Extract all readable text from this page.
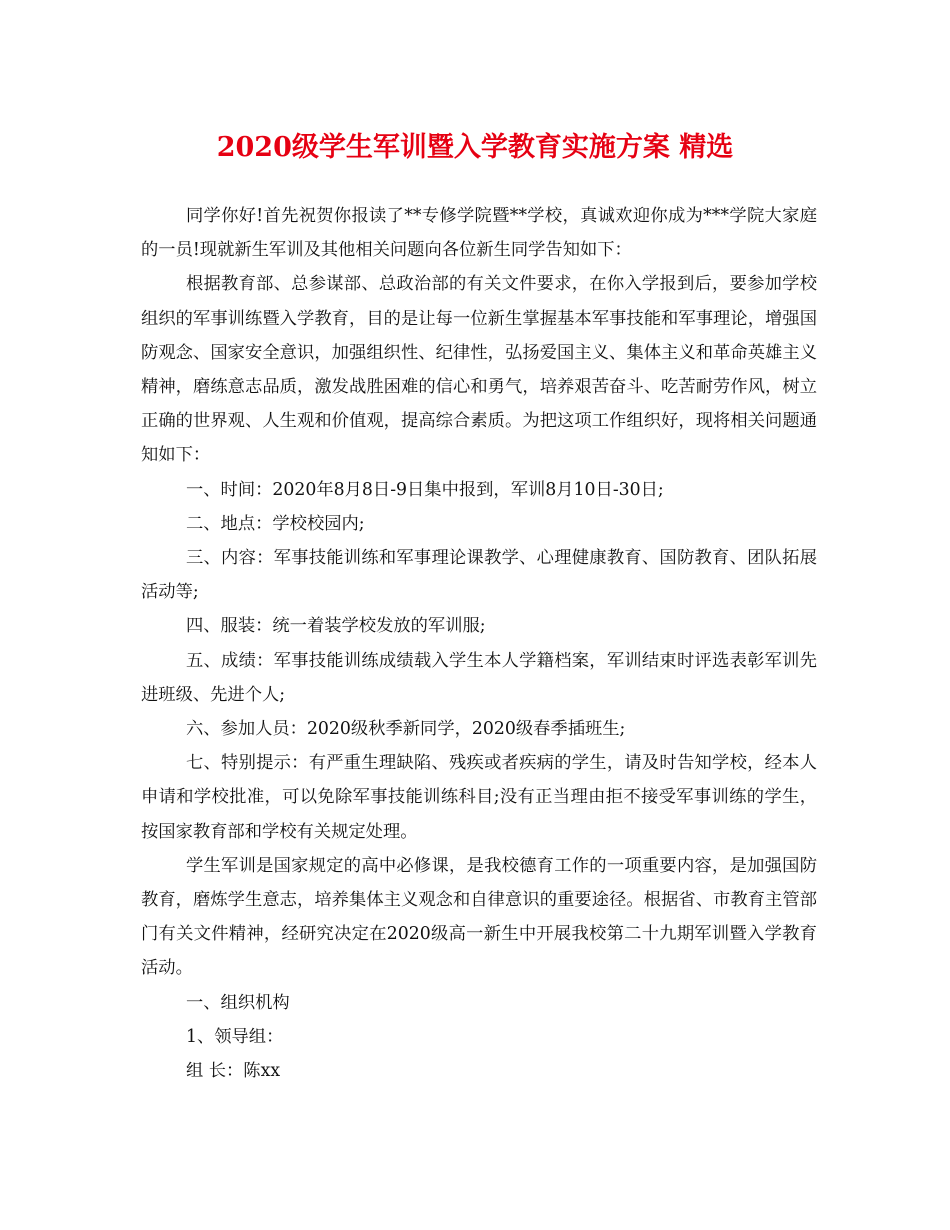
2020级学生军训暨入学教育实施方案 精选

同学你好!首先祝贺你报读了**专修学院暨**学校，真诚欢迎你成为***学院大家庭的一员!现就新生军训及其他相关问题向各位新生同学告知如下：

根据教育部、总参谋部、总政治部的有关文件要求，在你入学报到后，要参加学校组织的军事训练暨入学教育，目的是让每一位新生掌握基本军事技能和军事理论，增强国防观念、国家安全意识，加强组织性、纪律性，弘扬爱国主义、集体主义和革命英雄主义精神，磨练意志品质，激发战胜困难的信心和勇气，培养艰苦奋斗、吃苦耐劳作风，树立正确的世界观、人生观和价值观，提高综合素质。为把这项工作组织好，现将相关问题通知如下：

一、时间：2020年8月8日-9日集中报到，军训8月10日-30日;

二、地点：学校校园内;

三、内容：军事技能训练和军事理论课教学、心理健康教育、国防教育、团队拓展活动等;

四、服装：统一着装学校发放的军训服;

五、成绩：军事技能训练成绩载入学生本人学籍档案，军训结束时评选表彰军训先进班级、先进个人;

六、参加人员：2020级秋季新同学，2020级春季插班生;

七、特别提示：有严重生理缺陷、残疾或者疾病的学生，请及时告知学校，经本人申请和学校批准，可以免除军事技能训练科目;没有正当理由拒不接受军事训练的学生，按国家教育部和学校有关规定处理。

学生军训是国家规定的高中必修课，是我校德育工作的一项重要内容，是加强国防教育，磨炼学生意志，培养集体主义观念和自律意识的重要途径。根据省、市教育主管部门有关文件精神，经研究决定在2020级高一新生中开展我校第二十九期军训暨入学教育活动。

一、组织机构

1、领导组：

组 长：陈xx
